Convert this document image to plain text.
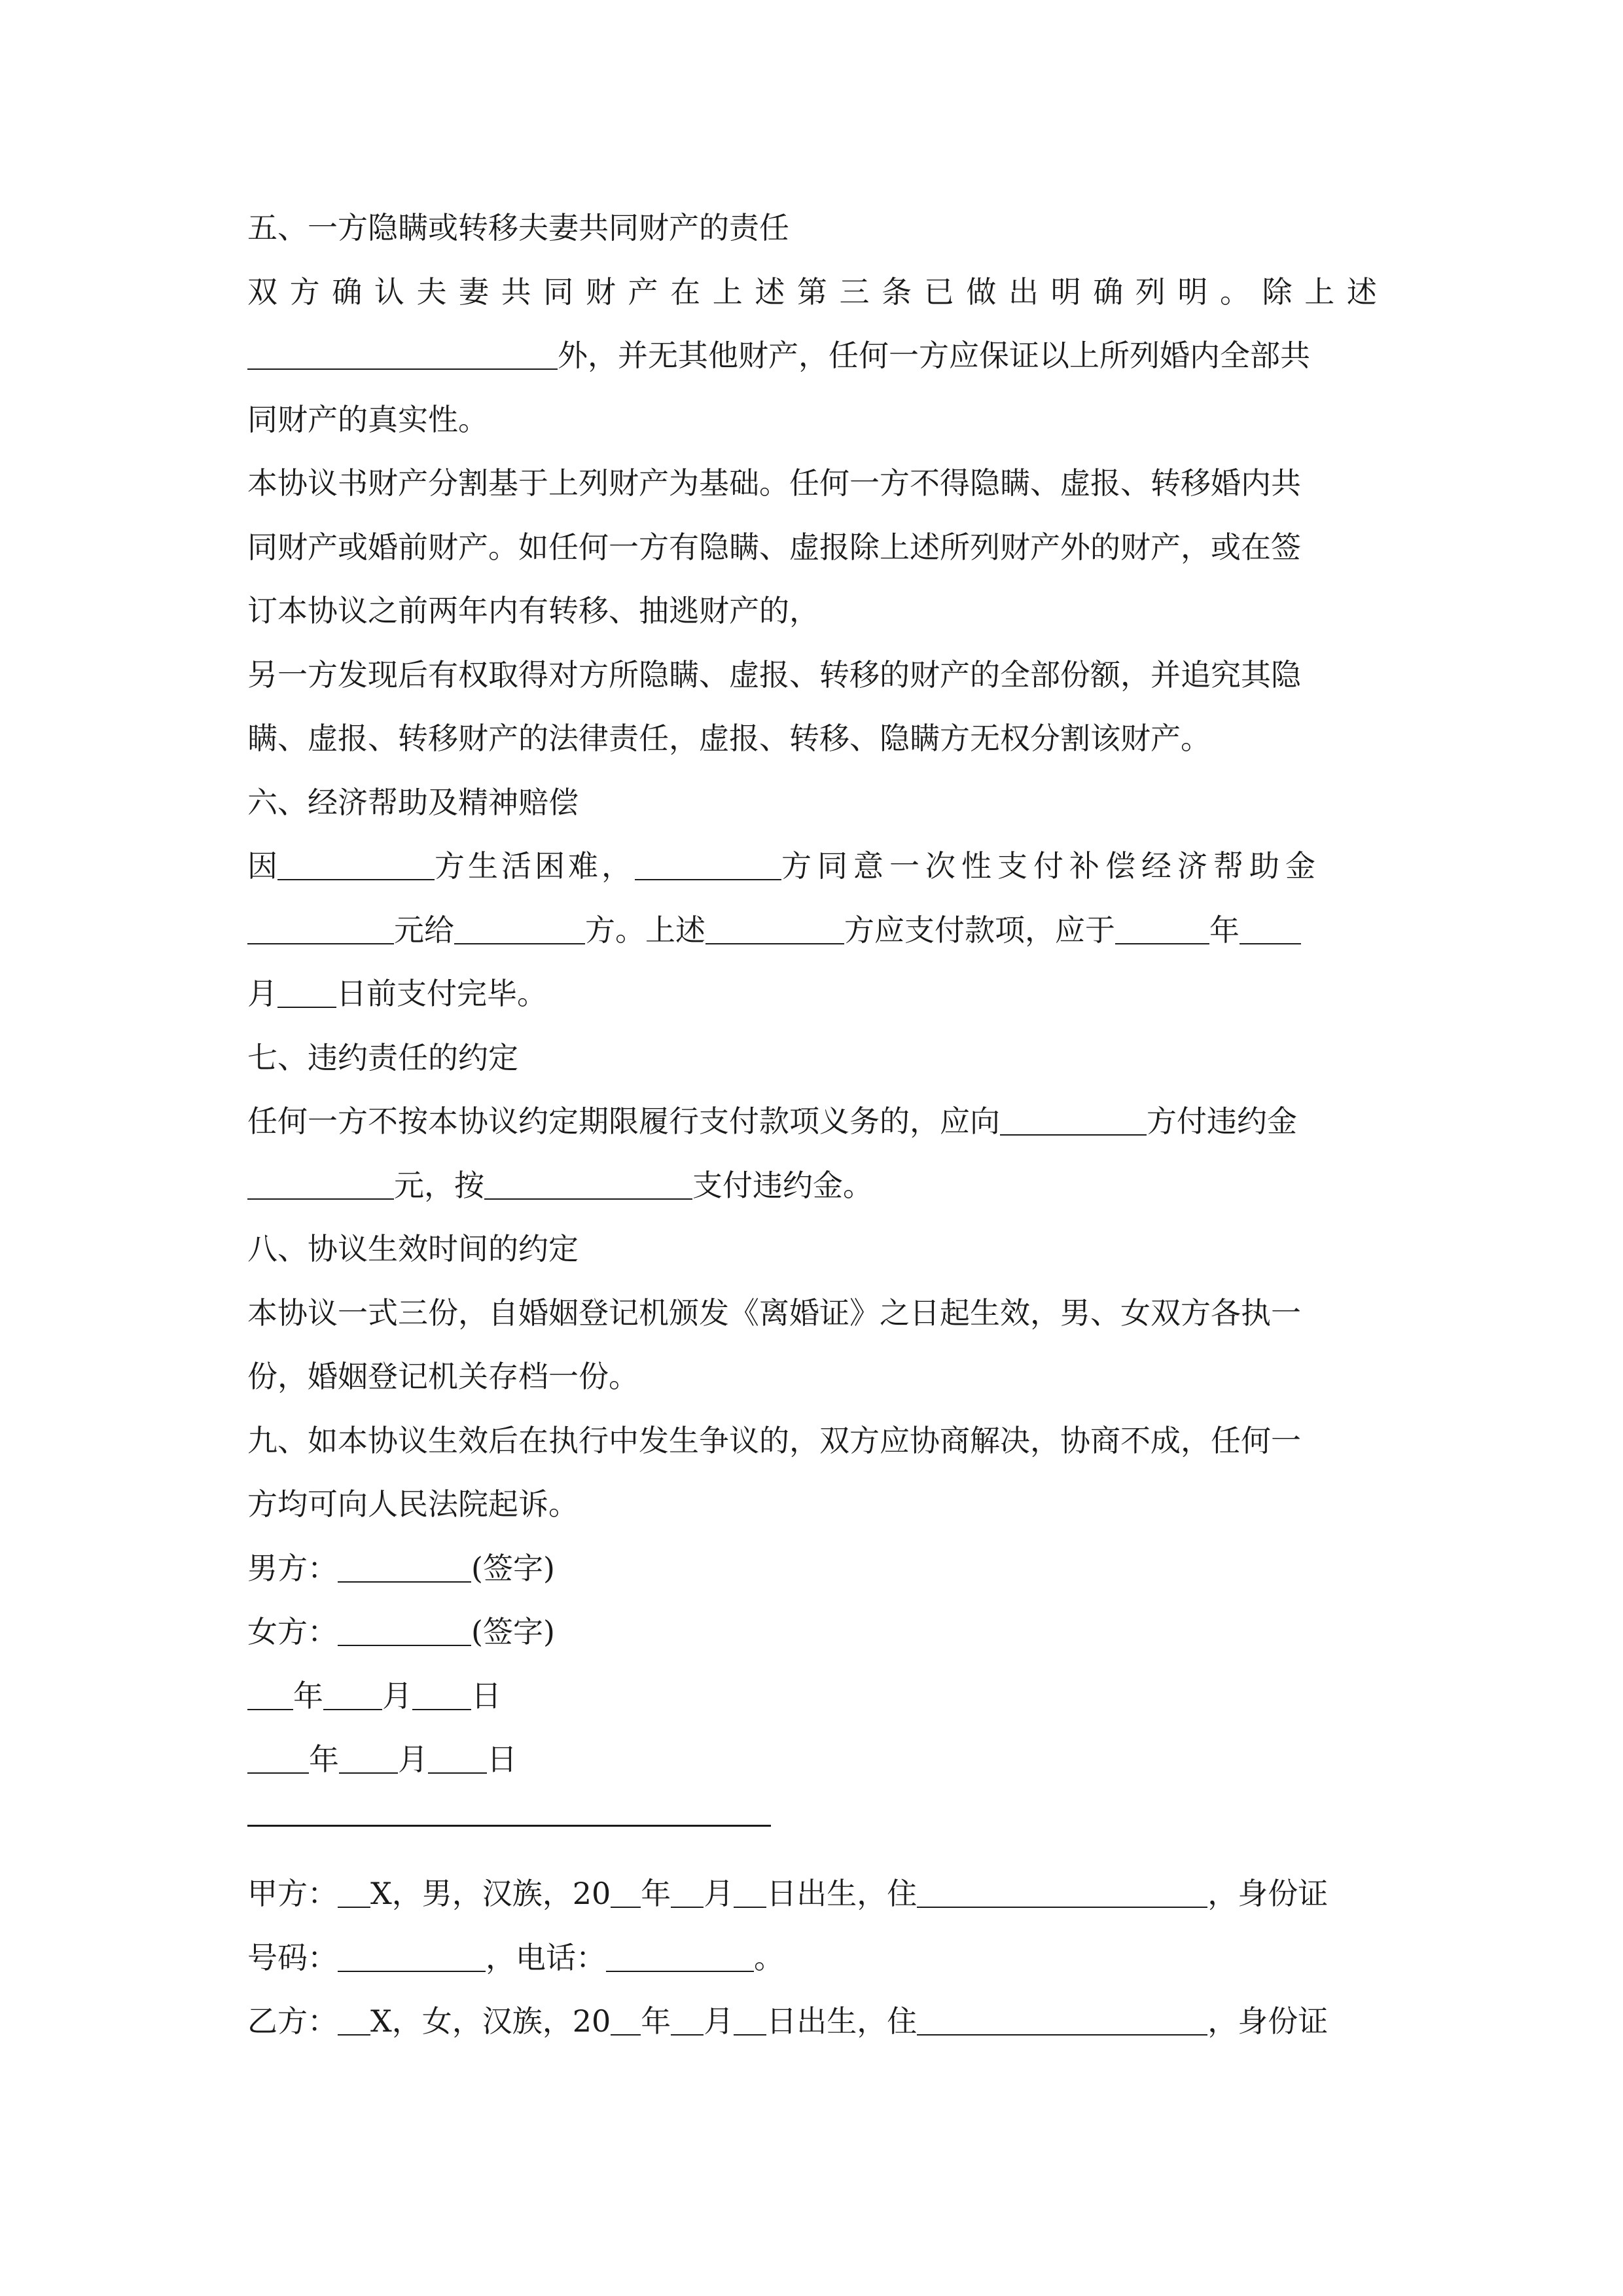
五、一方隐瞒或转移夫妻共同财产的责任
双 方 确 认 夫 妻 共 同 财 产 在 上 述 第 三 条 已 做 出 明 确 列 明 。 除 上 述
外，并无其他财产，任何一方应保证以上所列婚内全部共
同财产的真实性。
本协议书财产分割基于上列财产为基础。任何一方不得隐瞒、虚报、转移婚内共
同财产或婚前财产。如任何一方有隐瞒、虚报除上述所列财产外的财产，或在签
订本协议之前两年内有转移、抽逃财产的，
另一方发现后有权取得对方所隐瞒、虚报、转移的财产的全部份额，并追究其隐
瞒、虚报、转移财产的法律责任，虚报、转移、隐瞒方无权分割该财产。
六、经济帮助及精神赔偿
因	方生活困难，	方同意一次性支付补偿经济帮助金
元给	方。上述	方应支付款项，应于	年
月 日前支付完毕。
七、违约责任的约定
任何一方不按本协议约定期限履行支付款项义务的，应向	方付违约金
元，按	支付违约金。
八、协议生效时间的约定
本协议一式三份，自婚姻登记机颁发《离婚证》之日起生效，男、女双方各执一
份，婚姻登记机关存档一份。
九、如本协议生效后在执行中发生争议的，双方应协商解决，协商不成，任何一
方均可向人民法院起诉。
男方：	(签字)
女方：	(签字)
年 月 日
年 月 日
甲方： X，男，汉族，20 年 月 日出生，住	，身份证
号码：	，电话：	。
乙方： X，女，汉族，20 年 月 日出生，住	，身份证
